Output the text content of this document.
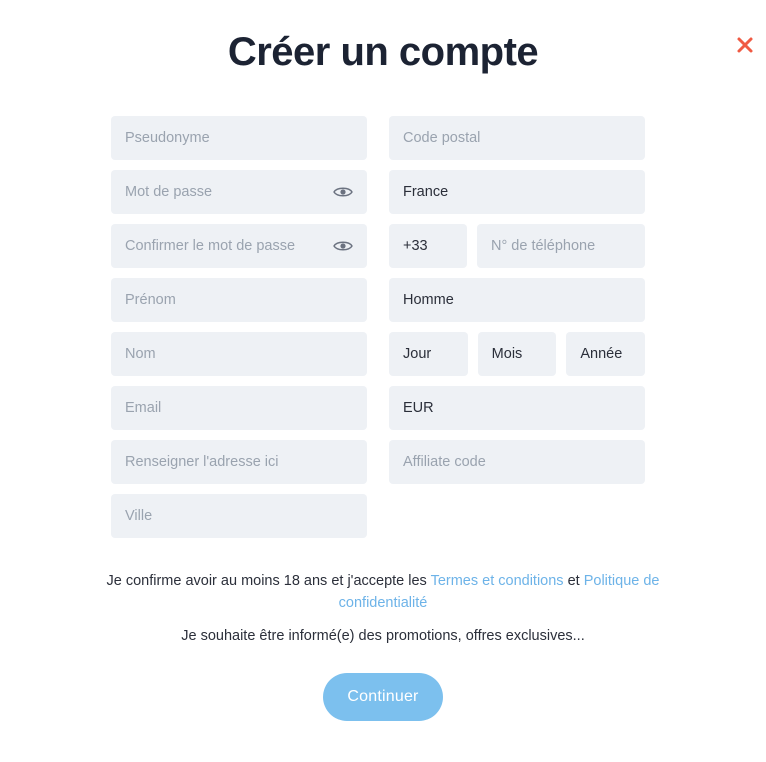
Créer un compte
Pseudonyme
Mot de passe
Confirmer le mot de passe
Prénom
Nom
Email
Renseigner l'adresse ici
Ville
Code postal
France
+33	N° de téléphone
Homme
Jour	Mois	Année
EUR
Affiliate code
Je confirme avoir au moins 18 ans et j'accepte les Termes et conditions et Politique de confidentialité
Je souhaite être informé(e) des promotions, offres exclusives...
Continuer
